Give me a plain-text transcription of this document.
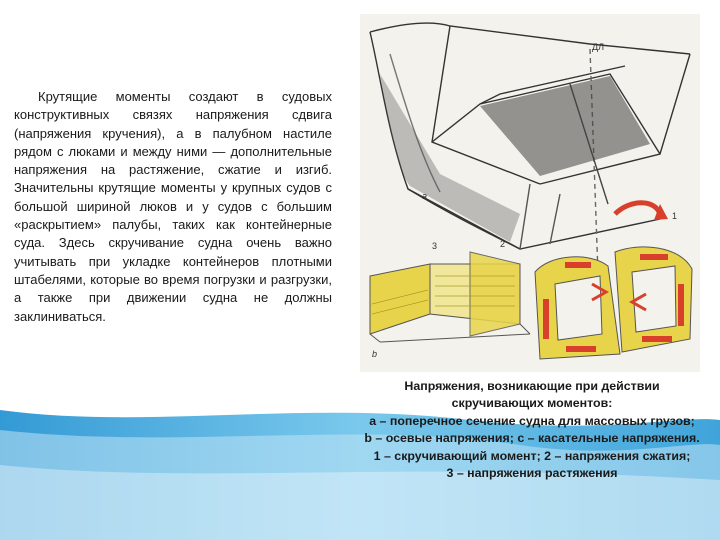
Крутящие моменты создают в судовых конструктивных связях напряжения сдвига (напряжения кручения), а в палубном настиле рядом с люками и между ними — дополнительные напряжения на растяжение, сжатие и изгиб. Значительны крутящие моменты у крупных судов с большой шириной люков и у судов с большим «раскрытием» палубы, таких как контейнерные суда. Здесь скручивание судна очень важно учитывать при укладке контейнеров плотными штабелями, которые во время погрузки и разгрузки, а также при движении судна не должны заклиниваться.

ДЛ
a
b
1
2
3

Напряжения, возникающие при действии скручивающих моментов:

a – поперечное сечение судна для массовых грузов;

b – осевые напряжения; c – касательные напряжения.

1 – скручивающий момент; 2 – напряжения сжатия;

3 – напряжения растяжения
